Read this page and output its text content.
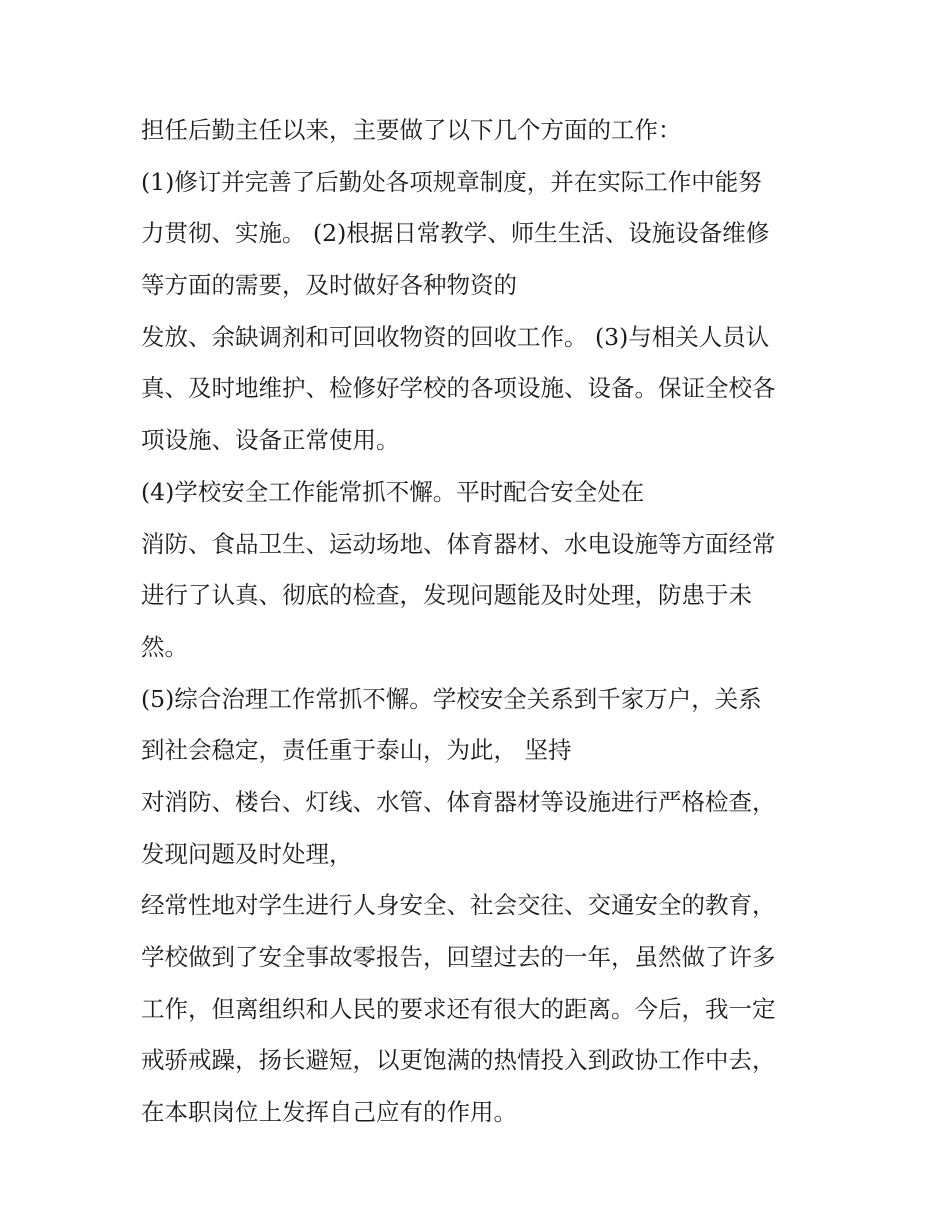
担任后勤主任以来，主要做了以下几个方面的工作：
(1)修订并完善了后勤处各项规章制度，并在实际工作中能努
力贯彻、实施。 (2)根据日常教学、师生生活、设施设备维修
等方面的需要，及时做好各种物资的
发放、余缺调剂和可回收物资的回收工作。 (3)与相关人员认
真、及时地维护、检修好学校的各项设施、设备。保证全校各
项设施、设备正常使用。
(4)学校安全工作能常抓不懈。平时配合安全处在
消防、食品卫生、运动场地、体育器材、水电设施等方面经常
进行了认真、彻底的检查，发现问题能及时处理，防患于未
然。
(5)综合治理工作常抓不懈。学校安全关系到千家万户，关系
到社会稳定，责任重于泰山，为此， 坚持
对消防、楼台、灯线、水管、体育器材等设施进行严格检查，
发现问题及时处理，
经常性地对学生进行人身安全、社会交往、交通安全的教育，
学校做到了安全事故零报告，回望过去的一年，虽然做了许多
工作，但离组织和人民的要求还有很大的距离。今后，我一定
戒骄戒躁，扬长避短，以更饱满的热情投入到政协工作中去，
在本职岗位上发挥自己应有的作用。
